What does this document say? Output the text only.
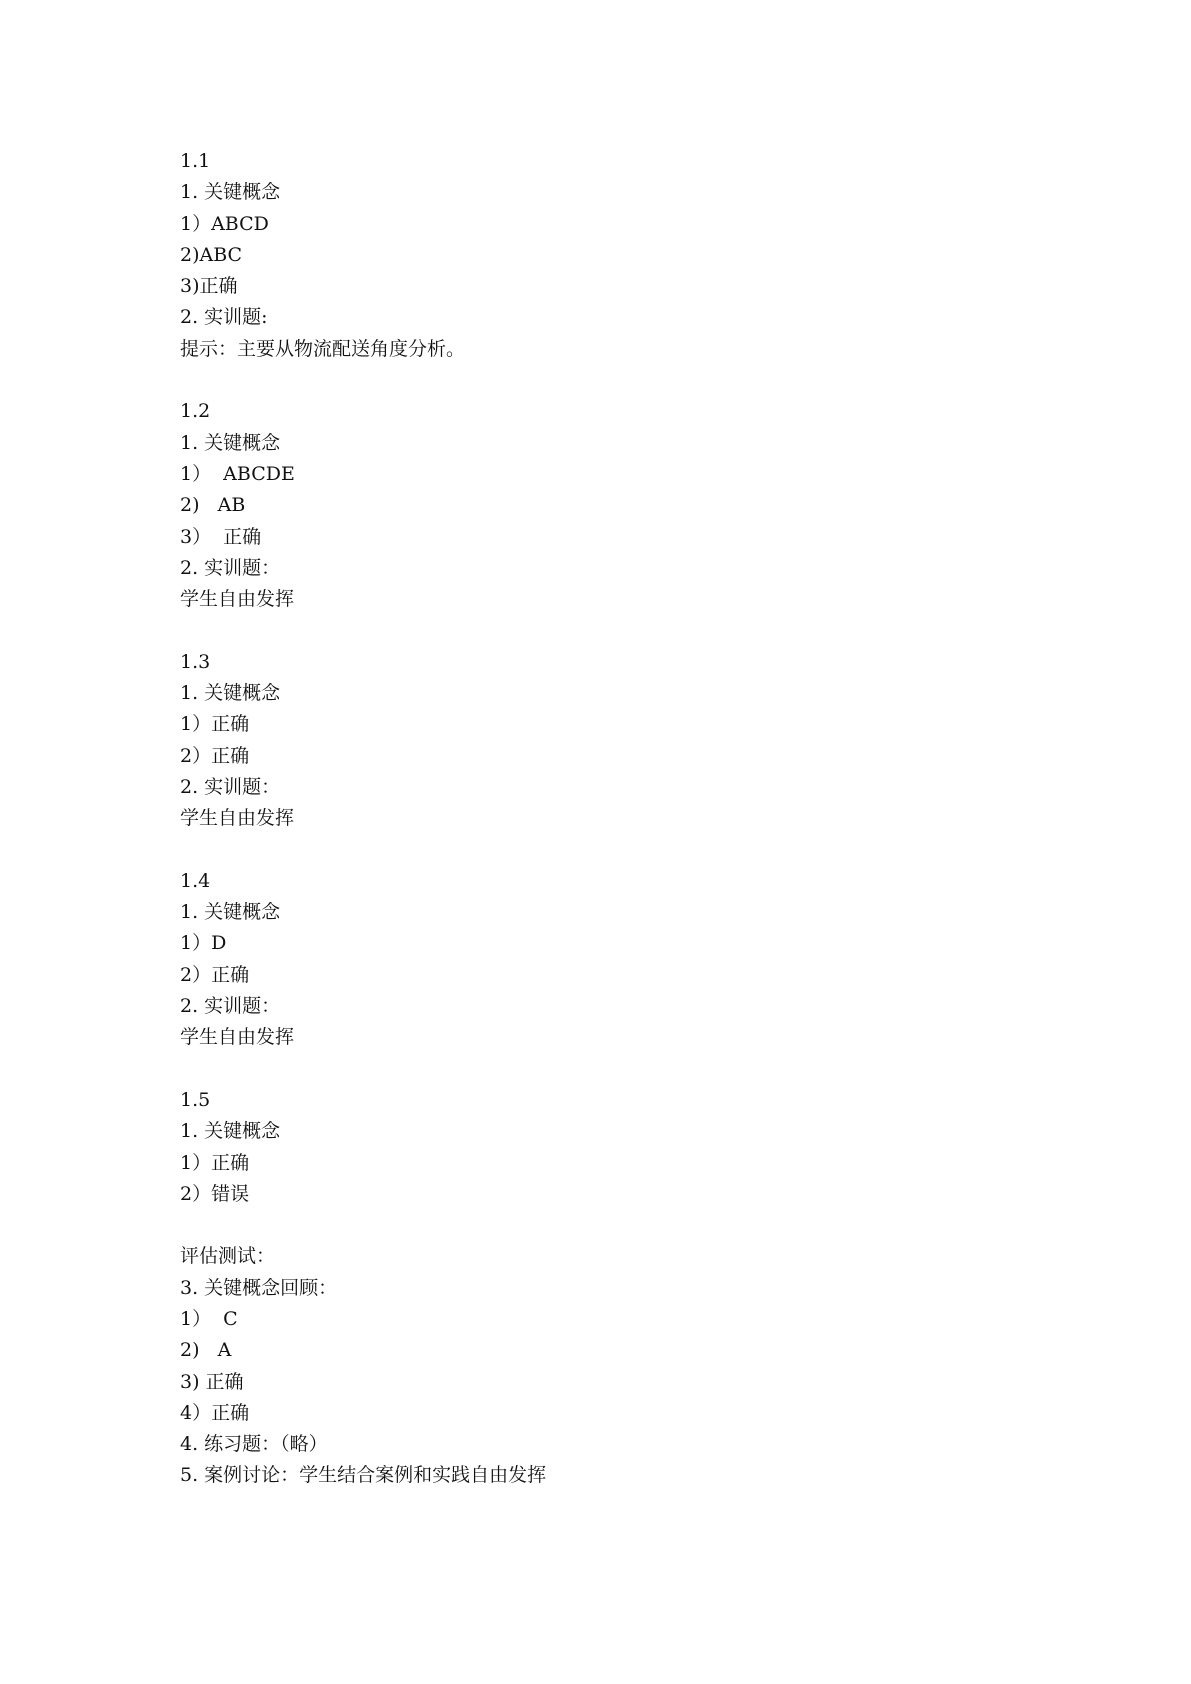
1.1
1. 关键概念
1）ABCD
2)ABC
3)正确
2. 实训题:
提示：主要从物流配送角度分析。
1.2
1. 关键概念
1）  ABCDE
2)   AB
3）  正确
2. 实训题：
学生自由发挥
1.3
1. 关键概念
1）正确
2）正确
2. 实训题：
学生自由发挥
1.4
1. 关键概念
1）D
2）正确
2. 实训题：
学生自由发挥
1.5
1. 关键概念
1）正确
2）错误
评估测试：
3. 关键概念回顾：
1）  C
2)   A
3) 正确
4）正确
4. 练习题：（略）
5. 案例讨论：学生结合案例和实践自由发挥
